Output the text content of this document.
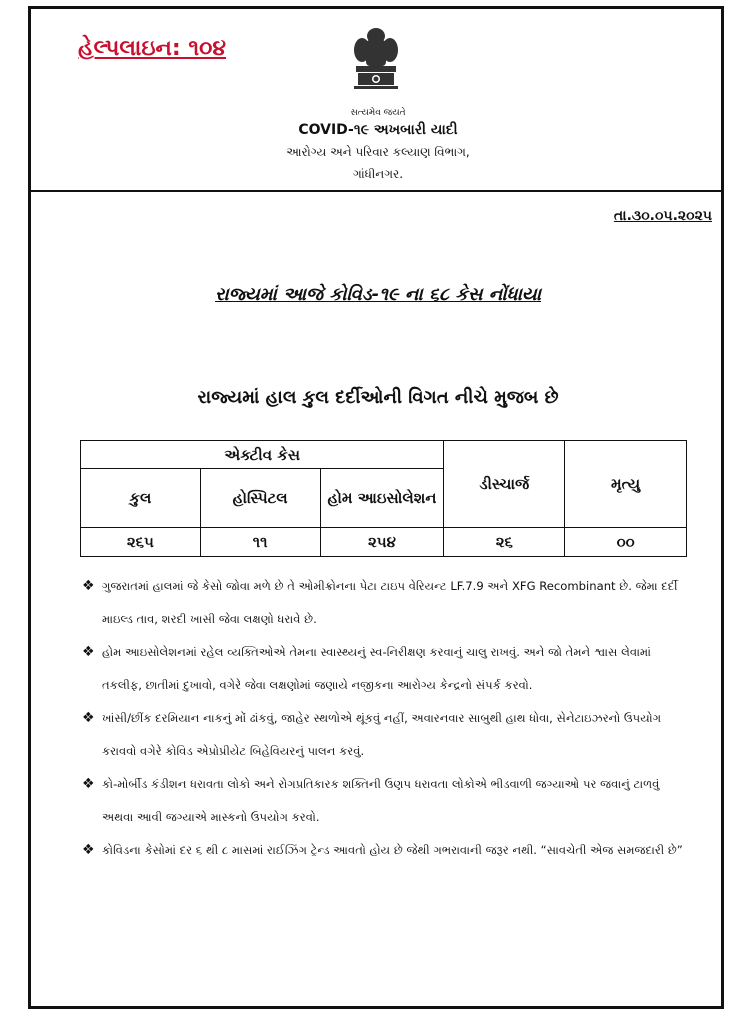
હેલ્પલાઇન: ૧૦૪
સત્યમેવ જયતે
COVID-૧૯ અખબારી યાદી
આરોગ્ય અને પરિવાર કલ્યાણ વિભાગ,
ગાંધીનગર.
તા.૩૦.૦૫.૨૦૨૫
રાજ્યમાં આજે કોવિડ-૧૯ ના ૬૮ કેસ નોંધાયા
રાજ્યમાં હાલ કુલ દર્દીઓની વિગત નીચે મુજબ છે
એક્ટીવ કેસ			ડીસ્ચાર્જ	મૃત્યુ
કુલ	હોસ્પિટલ	હોમ આઇસોલેશન		
૨૬૫	૧૧	૨૫૪	૨૬	૦૦
❖ ગુજરાતમાં હાલમાં જે કેસો જોવા મળે છે તે ઓમીક્રોનના પેટા ટાઇપ વેરિયન્ટ LF.7.9 અને XFG Recombinant છે. જેમા દર્દી માઇલ્ડ તાવ, શરદી ખાસી જેવા લક્ષણો ધરાવે છે.
❖ હોમ આઇસોલેશનમાં રહેલ વ્યક્તિઓએ તેમના સ્વાસ્થ્યનું સ્વ-નિરીક્ષણ કરવાનું ચાલુ રાખવું. અને જો તેમને શ્વાસ લેવામાં તકલીફ, છાતીમાં દુખાવો, વગેરે જેવા લક્ષણોમાં જણાયે નજીકના આરોગ્ય કેન્દ્રનો સંપર્ક કરવો.
❖ ખાંસી/છીંક દરમિયાન નાકનું મોં ઢાંકવું, જાહેર સ્થળોએ થૂંકવું નહીં, અવારનવાર સાબુથી હાથ ધોવા, સેનેટાઇઝરનો ઉપયોગ કરાવવો વગેરે કોવિડ એપ્રોપ્રીયેટ બિહેવિયરનું પાલન કરવું.
❖ કો-મોર્બીડ કંડીશન ધરાવતા લોકો અને રોગપ્રતિકારક શક્તિની ઉણપ ધરાવતા લોકોએ ભીડવાળી જગ્યાઓ પર જવાનું ટાળવું અથવા આવી જગ્યાએ માસ્કનો ઉપયોગ કરવો.
❖ કોવિડના કેસોમાં દર ૬ થી ૮ માસમાં રાઈઝિંગ ટ્રેન્ડ આવતો હોય છે જેથી ગભરાવાની જરૂર નથી. “સાવચેતી એજ સમજદારી છે”
